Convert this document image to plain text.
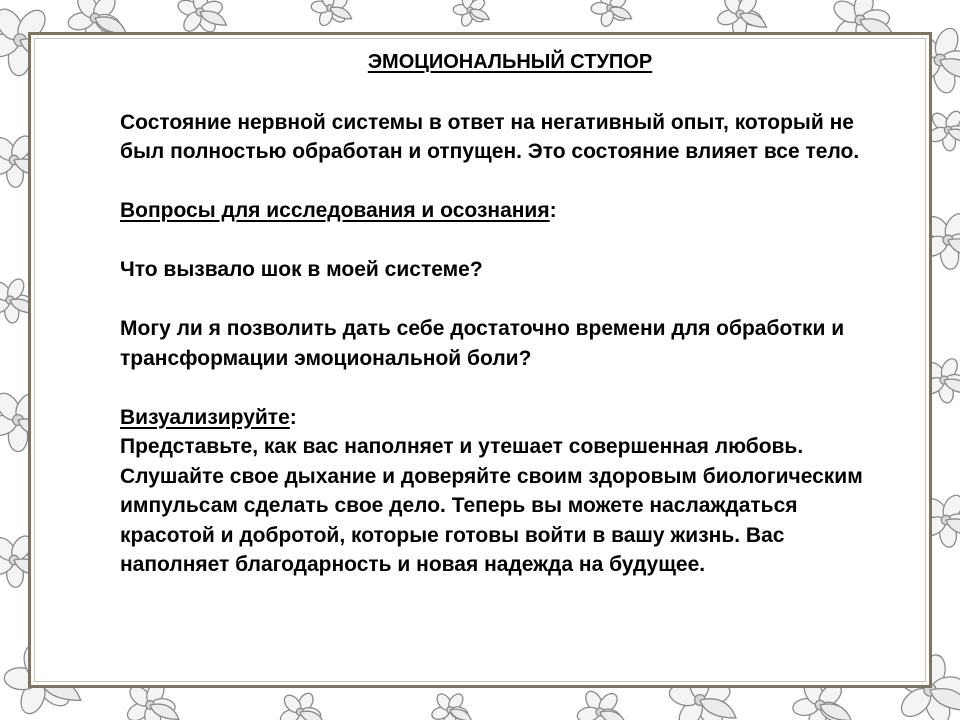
ЭМОЦИОНАЛЬНЫЙ СТУПОР

Состояние нервной системы в ответ на негативный опыт, который не был полностью обработан и отпущен. Это состояние влияет все тело.

Вопросы для исследования и осознания:

Что вызвало шок в моей системе?

Могу ли я позволить дать себе достаточно времени для обработки и трансформации эмоциональной боли?

Визуализируйте:

Представьте, как вас наполняет и утешает совершенная любовь. Слушайте свое дыхание и доверяйте своим здоровым биологическим импульсам сделать свое дело. Теперь вы можете наслаждаться красотой и добротой, которые готовы войти в вашу жизнь. Вас наполняет благодарность и новая надежда на будущее.
